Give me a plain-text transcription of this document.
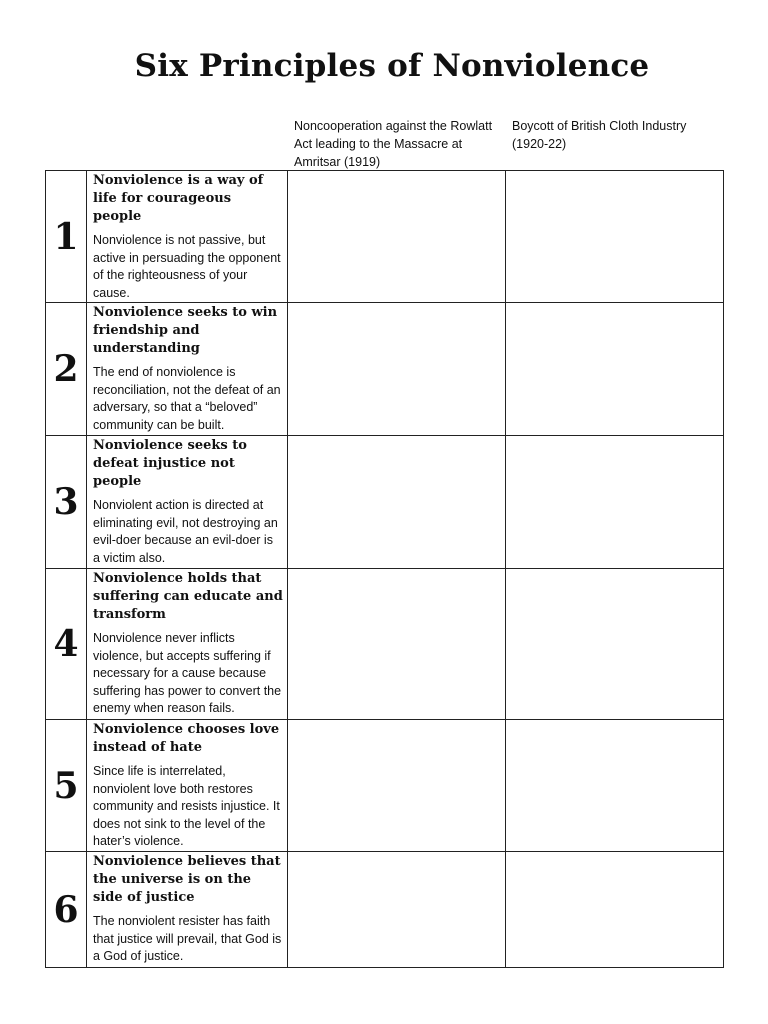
Six Principles of Nonviolence
Noncooperation against the Rowlatt Act leading to the Massacre at Amritsar (1919)
Boycott of British Cloth Industry (1920-22)
1	Nonviolence is a way of life for courageous people
Nonviolence is not passive, but active in persuading the opponent of the righteousness of your cause.		

2	Nonviolence seeks to win friendship and understanding
The end of nonviolence is reconciliation, not the defeat of an adversary, so that a “beloved” community can be built.		

3	Nonviolence seeks to defeat injustice not people
Nonviolent action is directed at eliminating evil, not destroying an evil-doer because an evil-doer is a victim also.		

4	Nonviolence holds that suffering can educate and transform
Nonviolence never inflicts violence, but accepts suffering if necessary for a cause because suffering has power to convert the enemy when reason fails.		

5	Nonviolence chooses love instead of hate
Since life is interrelated, nonviolent love both restores community and resists injustice. It does not sink to the level of the hater’s violence.		

6	Nonviolence believes that the universe is on the side of justice
The nonviolent resister has faith that justice will prevail, that God is a God of justice.		
